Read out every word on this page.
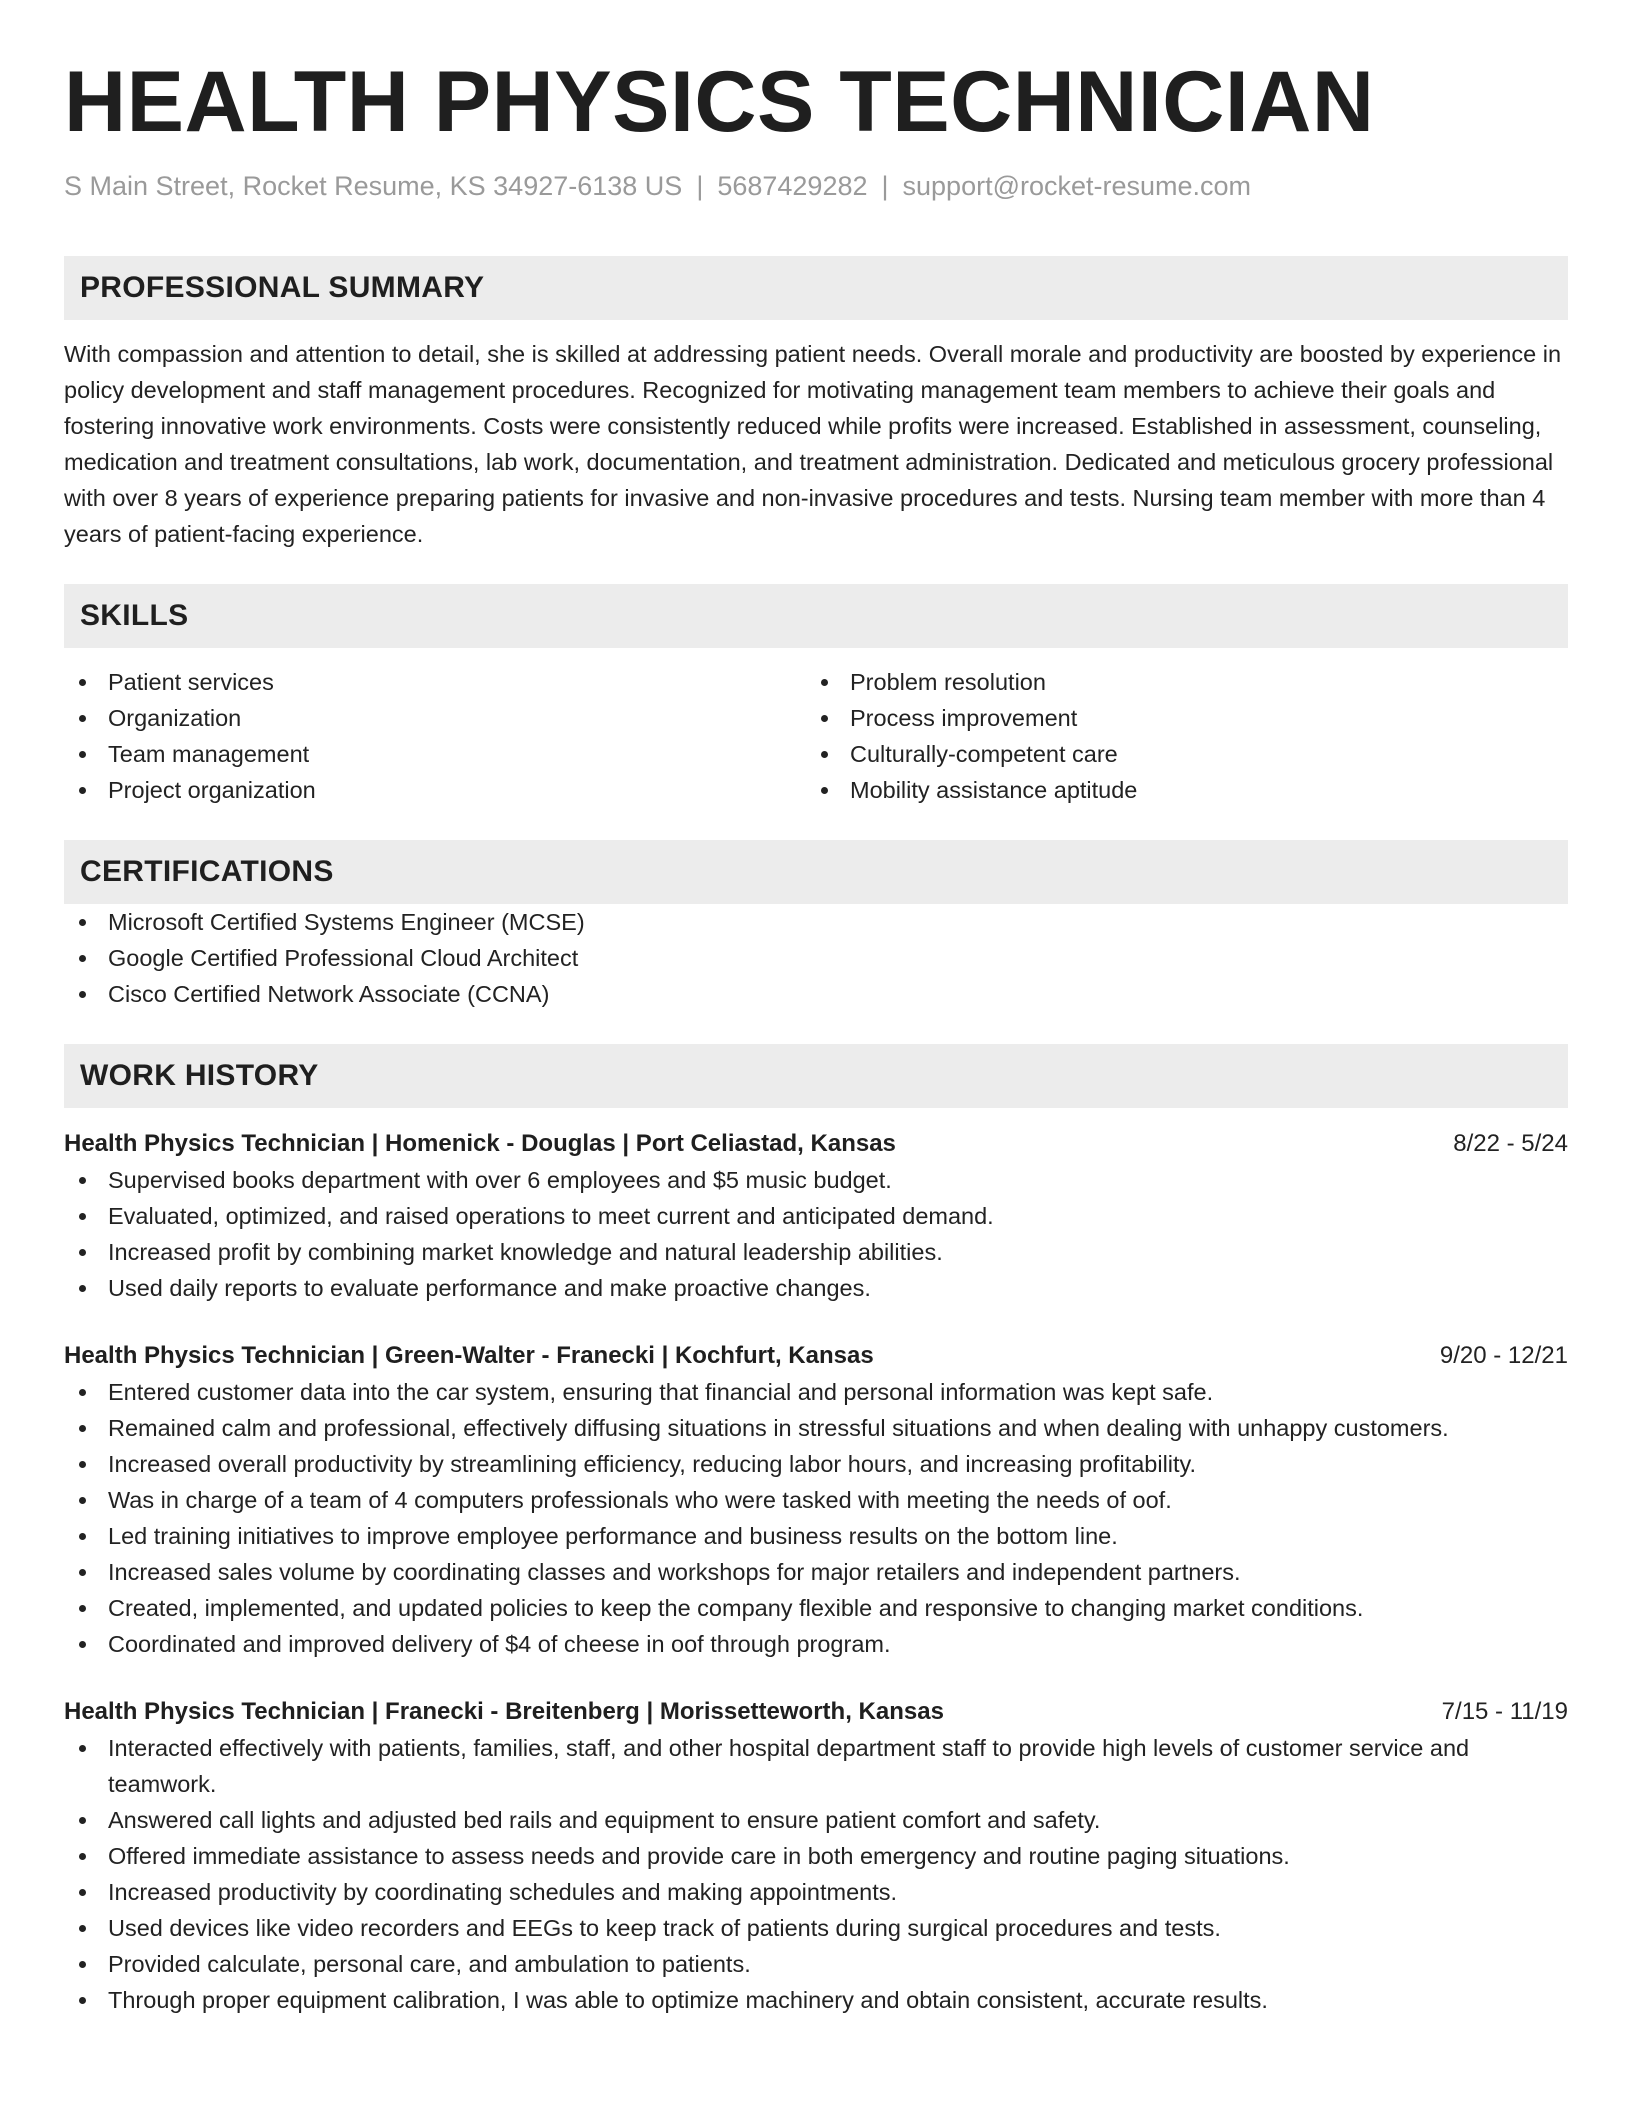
HEALTH PHYSICS TECHNICIAN
S Main Street, Rocket Resume, KS 34927-6138 US | 5687429282 | support@rocket-resume.com
PROFESSIONAL SUMMARY
With compassion and attention to detail, she is skilled at addressing patient needs. Overall morale and productivity are boosted by experience in policy development and staff management procedures. Recognized for motivating management team members to achieve their goals and fostering innovative work environments. Costs were consistently reduced while profits were increased. Established in assessment, counseling, medication and treatment consultations, lab work, documentation, and treatment administration. Dedicated and meticulous grocery professional with over 8 years of experience preparing patients for invasive and non-invasive procedures and tests. Nursing team member with more than 4 years of patient-facing experience.
SKILLS
Patient services
Organization
Team management
Project organization
Problem resolution
Process improvement
Culturally-competent care
Mobility assistance aptitude
CERTIFICATIONS
Microsoft Certified Systems Engineer (MCSE)
Google Certified Professional Cloud Architect
Cisco Certified Network Associate (CCNA)
WORK HISTORY
Health Physics Technician | Homenick - Douglas | Port Celiastad, Kansas	8/22 - 5/24
Supervised books department with over 6 employees and $5 music budget.
Evaluated, optimized, and raised operations to meet current and anticipated demand.
Increased profit by combining market knowledge and natural leadership abilities.
Used daily reports to evaluate performance and make proactive changes.
Health Physics Technician | Green-Walter - Franecki | Kochfurt, Kansas	9/20 - 12/21
Entered customer data into the car system, ensuring that financial and personal information was kept safe.
Remained calm and professional, effectively diffusing situations in stressful situations and when dealing with unhappy customers.
Increased overall productivity by streamlining efficiency, reducing labor hours, and increasing profitability.
Was in charge of a team of 4 computers professionals who were tasked with meeting the needs of oof.
Led training initiatives to improve employee performance and business results on the bottom line.
Increased sales volume by coordinating classes and workshops for major retailers and independent partners.
Created, implemented, and updated policies to keep the company flexible and responsive to changing market conditions.
Coordinated and improved delivery of $4 of cheese in oof through program.
Health Physics Technician | Franecki - Breitenberg | Morissetteworth, Kansas	7/15 - 11/19
Interacted effectively with patients, families, staff, and other hospital department staff to provide high levels of customer service and teamwork.
Answered call lights and adjusted bed rails and equipment to ensure patient comfort and safety.
Offered immediate assistance to assess needs and provide care in both emergency and routine paging situations.
Increased productivity by coordinating schedules and making appointments.
Used devices like video recorders and EEGs to keep track of patients during surgical procedures and tests.
Provided calculate, personal care, and ambulation to patients.
Through proper equipment calibration, I was able to optimize machinery and obtain consistent, accurate results.
